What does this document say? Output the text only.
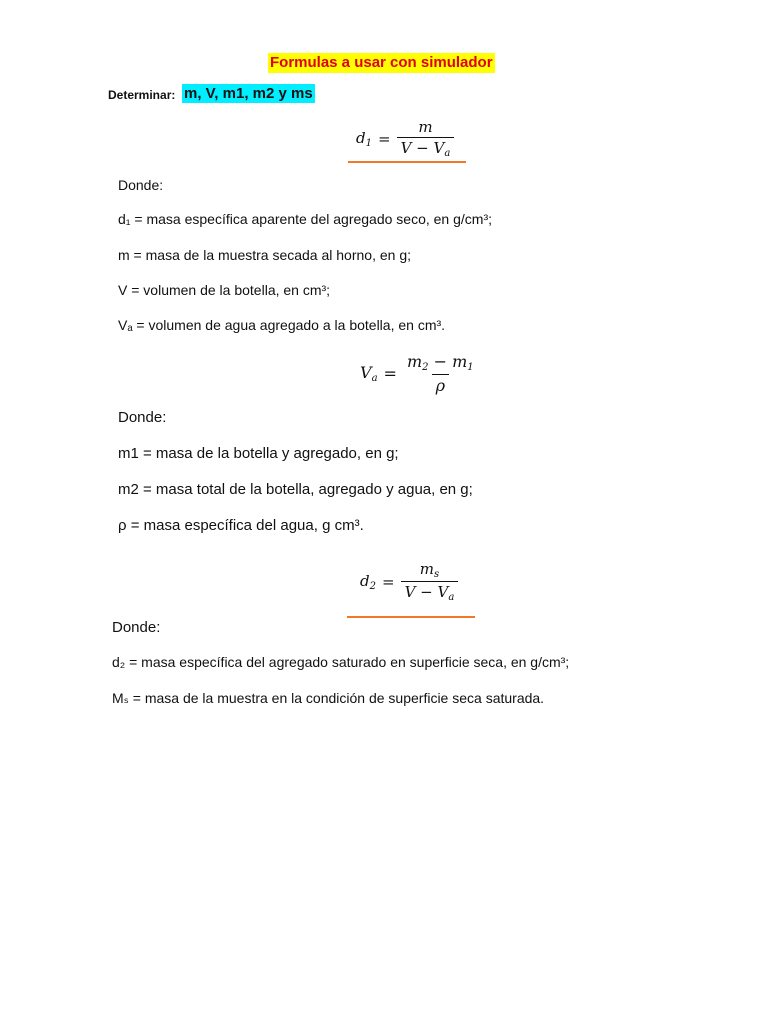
Formulas a usar con simulador
Determinar: m, V, m1, m2 y ms
$d_1 = \frac{m}{V - V_a}$
Donde:
d₁ = masa específica aparente del agregado seco, en g/cm³;
m = masa de la muestra secada al horno, en g;
V = volumen de la botella, en cm³;
Vₐ = volumen de agua agregado a la botella, en cm³.
$V_a = \frac{m_2 - m_1}{\rho}$
Donde:
m1 = masa de la botella y agregado, en g;
m2 = masa total de la botella, agregado y agua, en g;
ρ = masa específica del agua, g cm³.
$d_2 = \frac{m_s}{V - V_a}$
Donde:
d₂ = masa específica del agregado saturado en superficie seca, en g/cm³;
Mₛ = masa de la muestra en la condición de superficie seca saturada.
